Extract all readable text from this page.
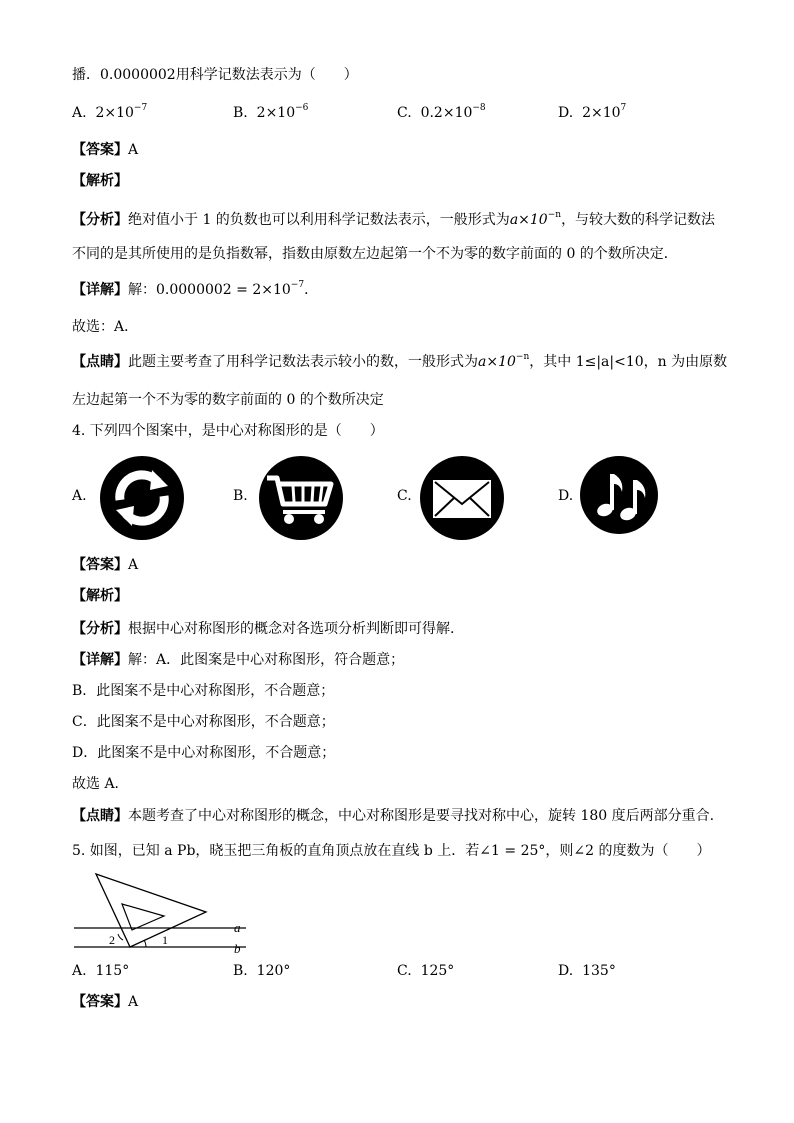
播．0.0000002用科学记数法表示为（　　）
A. $2\times 10^{-7}$	B. $2\times 10^{-6}$	C. $0.2\times 10^{-8}$	D. $2\times 10^7$
【答案】A
【解析】
【分析】绝对值小于 1 的负数也可以利用科学记数法表示，一般形式为$a\times 10^{-n}$，与较大数的科学记数法
不同的是其所使用的是负指数幂，指数由原数左边起第一个不为零的数字前面的 0 的个数所决定．
【详解】解：$0.0000002 = 2\times 10^{-7}$．
故选：A．
【点睛】此题主要考查了用科学记数法表示较小的数，一般形式为$a\times 10^{-n}$，其中 1≤|a|<10，n 为由原数
左边起第一个不为零的数字前面的 0 的个数所决定
4. 下列四个图案中，是中心对称图形的是（　　）
A.	B.	C.	D.
【答案】A
【解析】
【分析】根据中心对称图形的概念对各选项分析判断即可得解.
【详解】解：A．此图案是中心对称图形，符合题意；
B．此图案不是中心对称图形，不合题意；
C．此图案不是中心对称图形，不合题意；
D．此图案不是中心对称图形，不合题意；
故选 A．
【点睛】本题考查了中心对称图形的概念，中心对称图形是要寻找对称中心，旋转 180 度后两部分重合.
5. 如图，已知 a Pb，晓玉把三角板的直角顶点放在直线 b 上．若∠1 = 25°，则∠2 的度数为（　　）
a
b
1
2
A. 115°	B. 120°	C. 125°	D. 135°
【答案】A
